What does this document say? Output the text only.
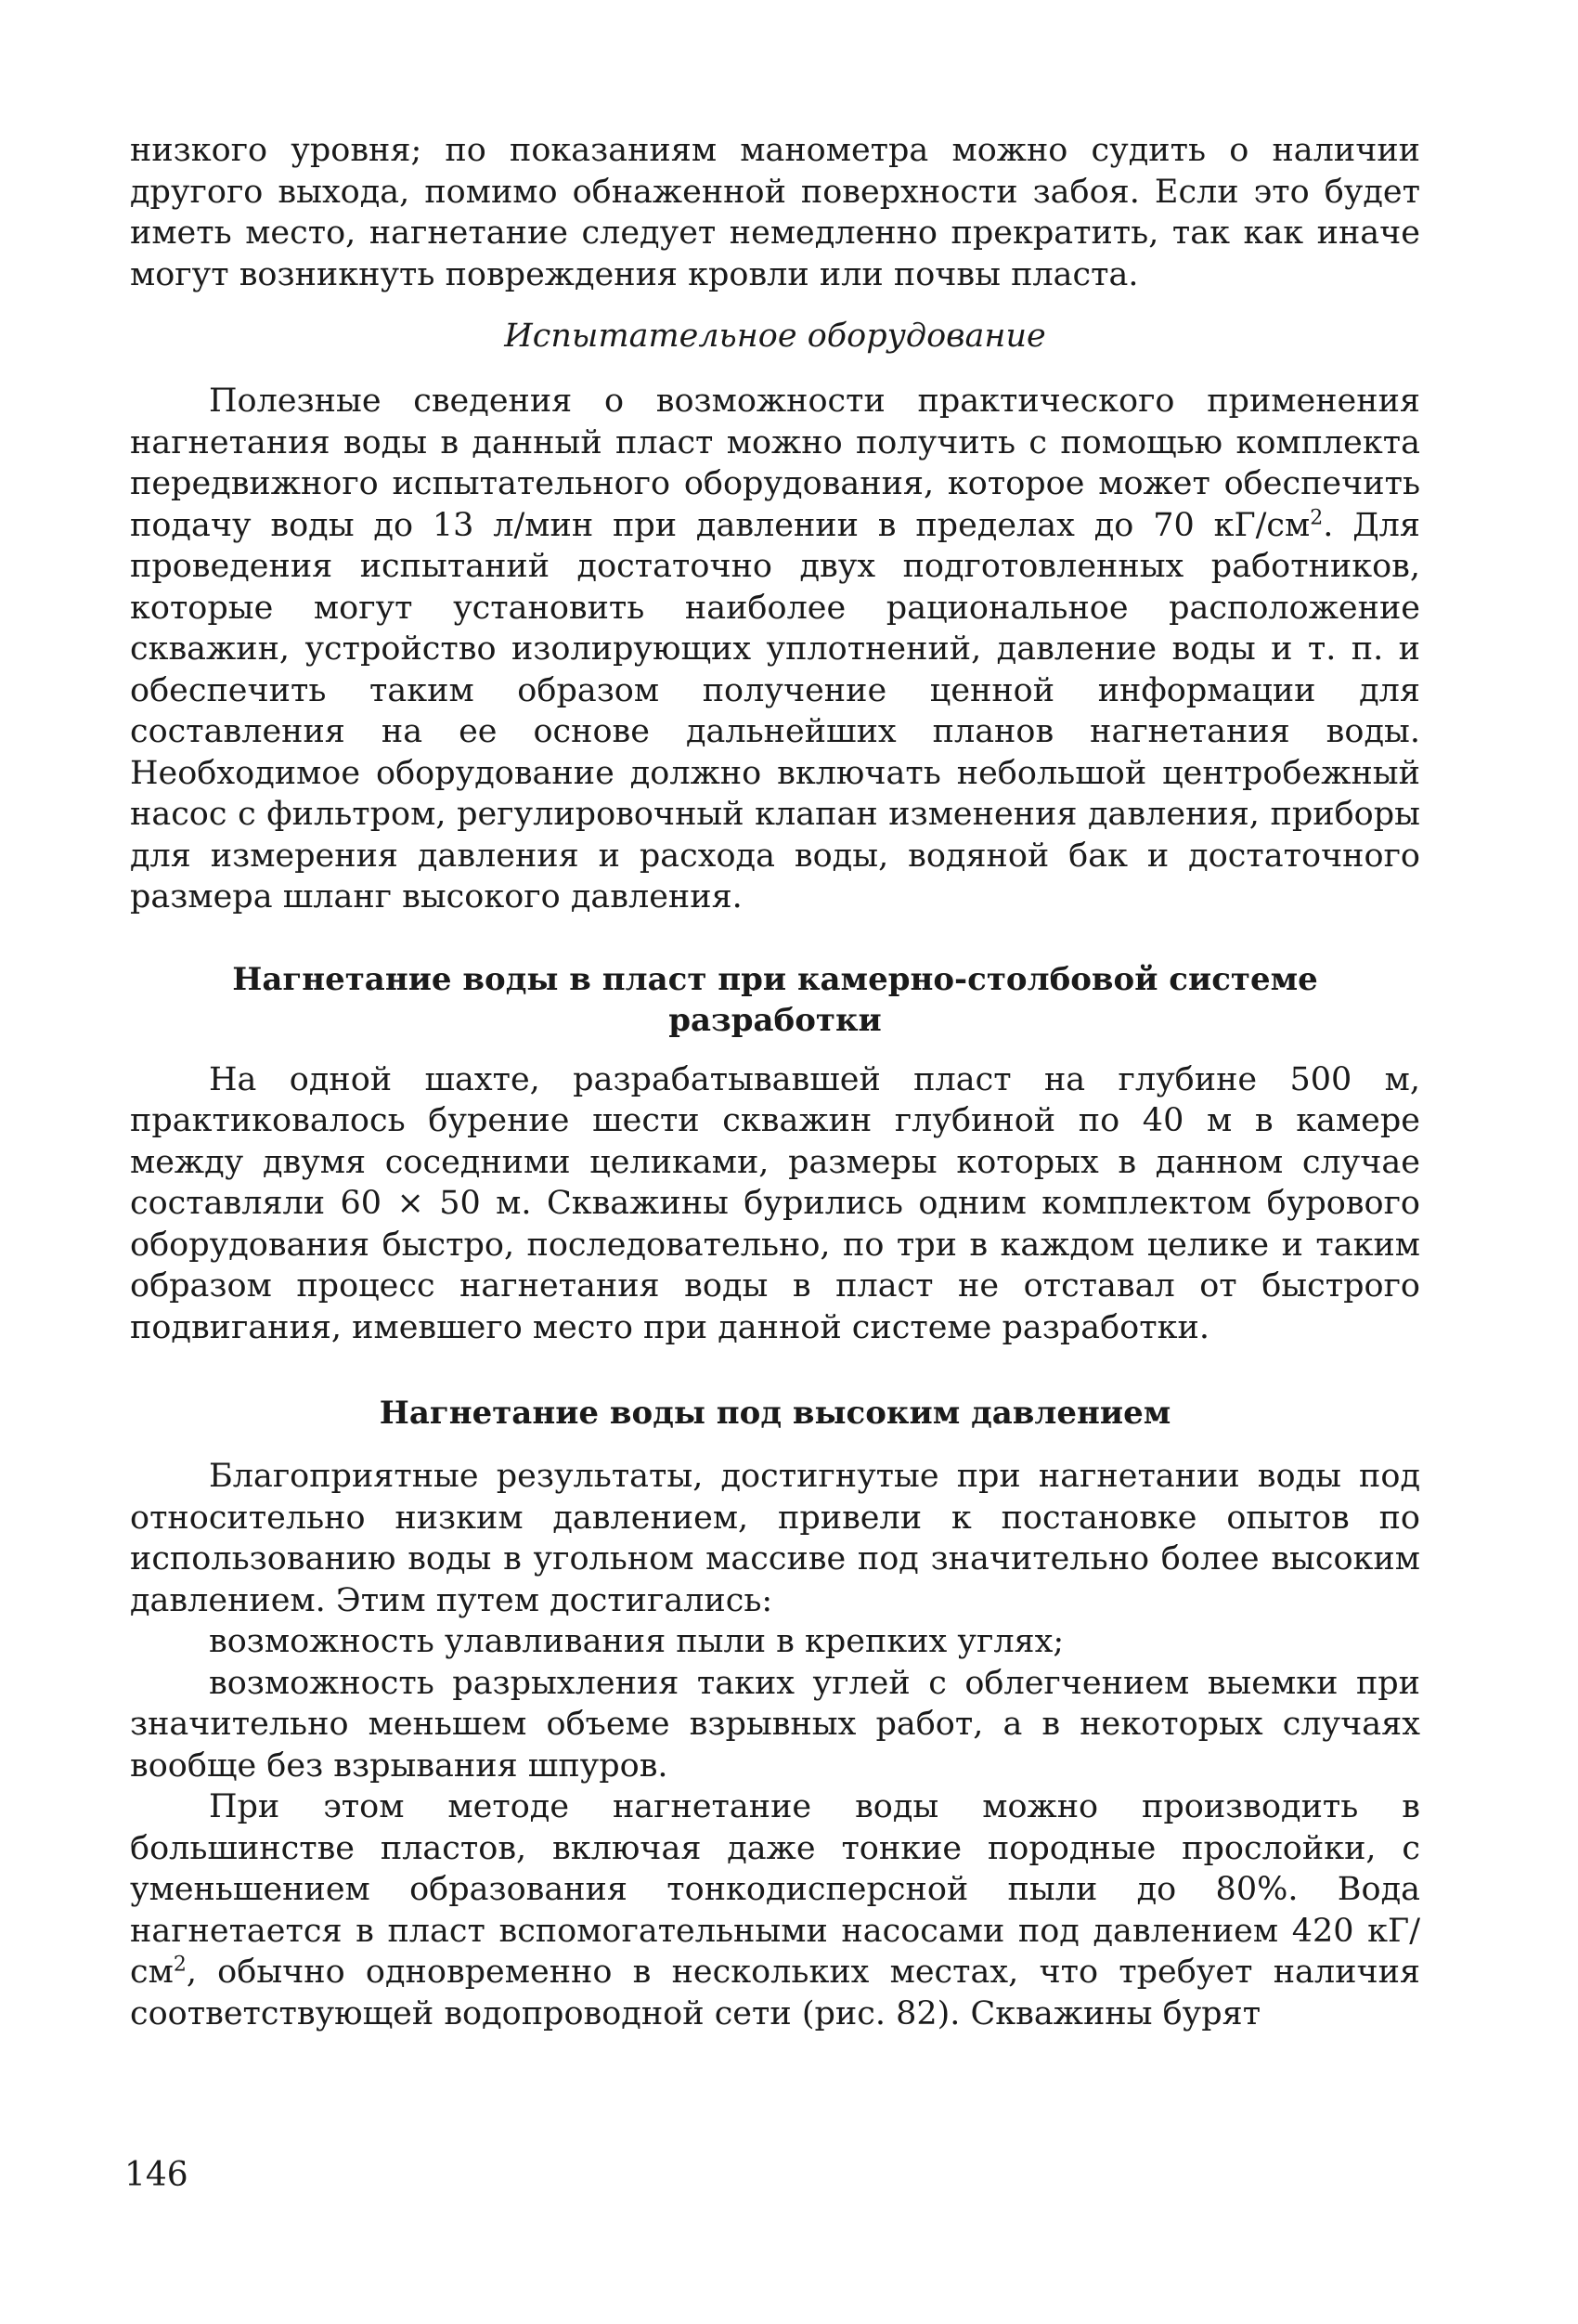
низкого уровня; по показаниям манометра можно судить о наличии другого выхода, помимо обнаженной поверхности забоя. Если это будет иметь место, нагнетание следует немедленно прекратить, так как иначе могут возникнуть повреждения кровли или почвы пласта.

Испытательное оборудование

Полезные сведения о возможности практического применения нагнетания воды в данный пласт можно получить с помощью комплекта передвижного испытательного оборудования, которое может обеспечить подачу воды до 13 л/мин при давлении в пределах до 70 $кГ/см^2$. Для проведения испытаний достаточно двух подготовленных работников, которые могут установить наиболее рациональное расположение скважин, устройство изолирующих уплотнений, давление воды и т. п. и обеспечить таким образом получение ценной информации для составления на ее основе дальнейших планов нагнетания воды. Необходимое оборудование должно включать небольшой центробежный насос с фильтром, регулировочный клапан изменения давления, приборы для измерения давления и расхода воды, водяной бак и достаточного размера шланг высокого давления.

Нагнетание воды в пласт при камерно-столбовой системе разработки

На одной шахте, разрабатывавшей пласт на глубине 500 м, практиковалось бурение шести скважин глубиной по 40 м в камере между двумя соседними целиками, размеры которых в данном случае составляли 60 × 50 м. Скважины бурились одним комплектом бурового оборудования быстро, последовательно, по три в каждом целике и таким образом процесс нагнетания воды в пласт не отставал от быстрого подвигания, имевшего место при данной системе разработки.

Нагнетание воды под высоким давлением

Благоприятные результаты, достигнутые при нагнетании воды под относительно низким давлением, привели к постановке опытов по использованию воды в угольном массиве под значительно более высоким давлением. Этим путем достигались:

возможность улавливания пыли в крепких углях;

возможность разрыхления таких углей с облегчением выемки при значительно меньшем объеме взрывных работ, а в некоторых случаях вообще без взрывания шпуров.

При этом методе нагнетание воды можно производить в большинстве пластов, включая даже тонкие породные прослойки, с уменьшением образования тонкодисперсной пыли до 80%. Вода нагнетается в пласт вспомогательными насосами под давлением 420 $кГ/см^2$, обычно одновременно в нескольких местах, что требует наличия соответствующей водопроводной сети (рис. 82). Скважины бурят

146
